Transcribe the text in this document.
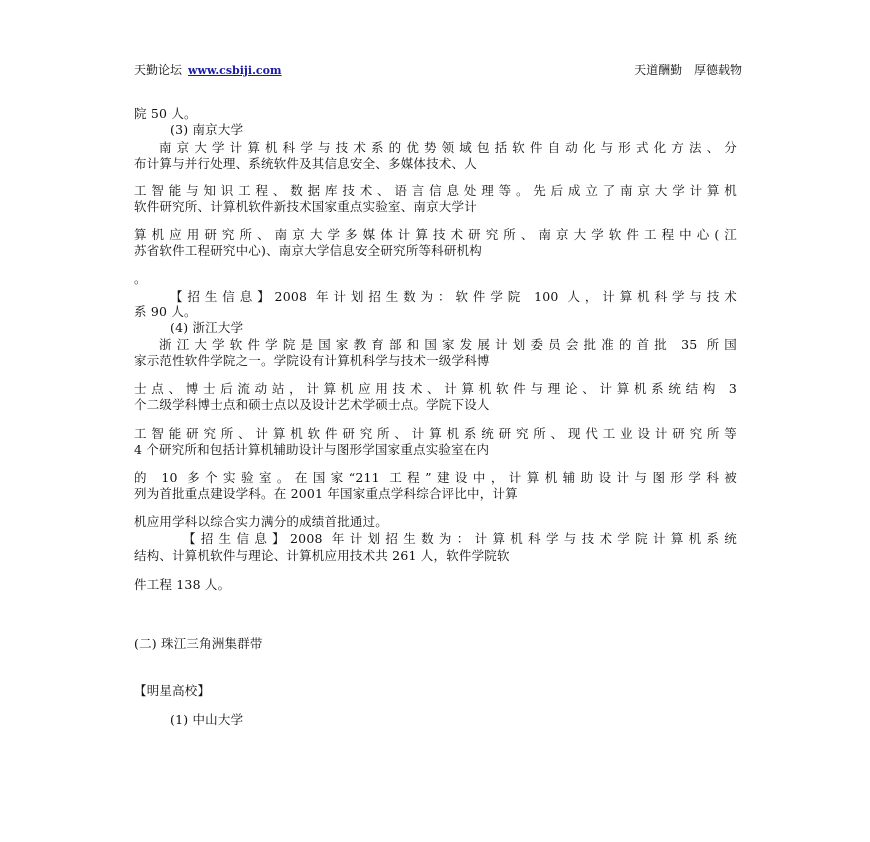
天勤论坛 www.csbiji.com	天道酬勤 厚德载物
院 50 人。
(3) 南京大学
南京大学计算机科学与技术系的优势领域包括软件自动化与形式化方法、分
布计算与并行处理、系统软件及其信息安全、多媒体技术、人
工智能与知识工程、数据库技术、语言信息处理等。先后成立了南京大学计算机
软件研究所、计算机软件新技术国家重点实验室、南京大学计
算机应用研究所、南京大学多媒体计算技术研究所、南京大学软件工程中心(江
苏省软件工程研究中心)、南京大学信息安全研究所等科研机构
。
【招生信息】2008 年计划招生数为：软件学院 100 人，计算机科学与技术
系 90 人。
(4) 浙江大学
浙江大学软件学院是国家教育部和国家发展计划委员会批准的首批 35 所国
家示范性软件学院之一。学院设有计算机科学与技术一级学科博
士点、博士后流动站，计算机应用技术、计算机软件与理论、计算机系统结构 3
个二级学科博士点和硕士点以及设计艺术学硕士点。学院下设人
工智能研究所、计算机软件研究所、计算机系统研究所、现代工业设计研究所等
4 个研究所和包括计算机辅助设计与图形学国家重点实验室在内
的 10 多个实验室。在国家“211 工程”建设中，计算机辅助设计与图形学科被
列为首批重点建设学科。在 2001 年国家重点学科综合评比中，计算
机应用学科以综合实力满分的成绩首批通过。
【招生信息】2008 年计划招生数为：计算机科学与技术学院计算机系统
结构、计算机软件与理论、计算机应用技术共 261 人，软件学院软
件工程 138 人。
(二) 珠江三角洲集群带
【明星高校】
(1) 中山大学
